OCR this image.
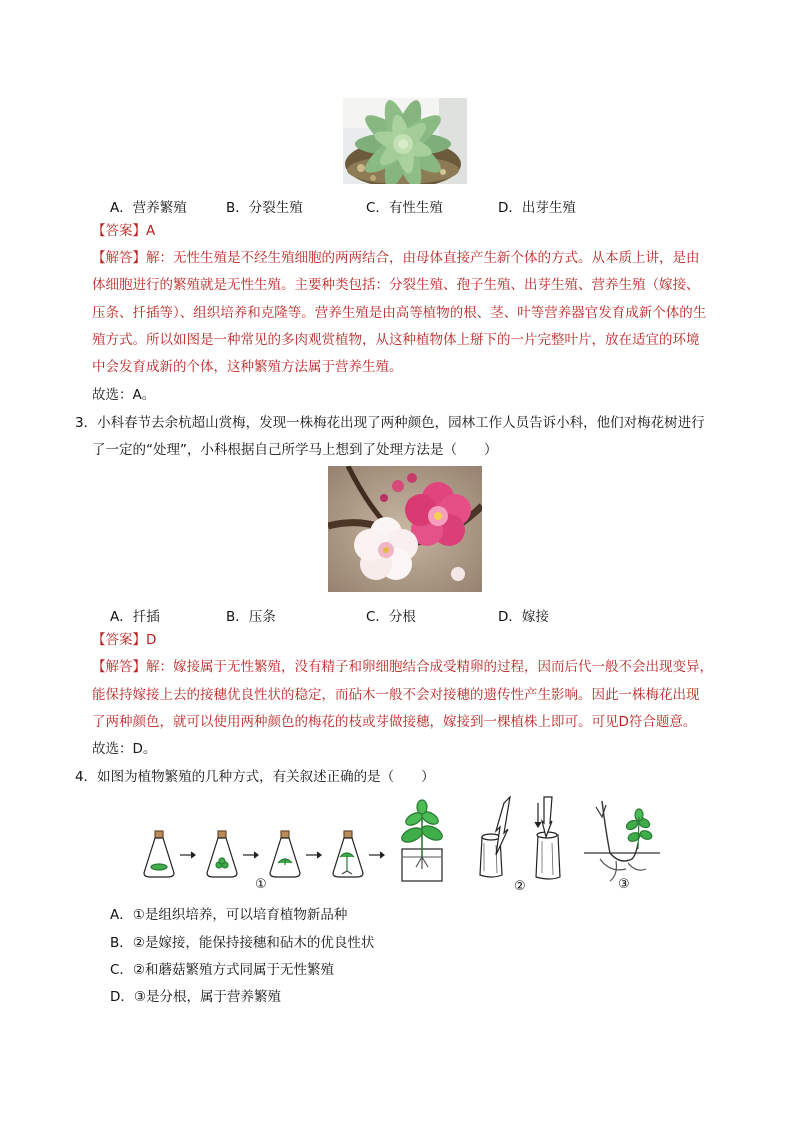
A．营养繁殖	B．分裂生殖	C．有性生殖	D．出芽生殖
【答案】A
【解答】解：无性生殖是不经生殖细胞的两两结合，由母体直接产生新个体的方式。从本质上讲，是由
体细胞进行的繁殖就是无性生殖。主要种类包括：分裂生殖、孢子生殖、出芽生殖、营养生殖（嫁接、
压条、扦插等）、组织培养和克隆等。营养生殖是由高等植物的根、茎、叶等营养器官发育成新个体的生
殖方式。所以如图是一种常见的多肉观赏植物，从这种植物体上掰下的一片完整叶片，放在适宜的环境
中会发育成新的个体，这种繁殖方法属于营养生殖。
故选：A。
3．小科春节去余杭超山赏梅，发现一株梅花出现了两种颜色，园林工作人员告诉小科，他们对梅花树进行
了一定的“处理”，小科根据自己所学马上想到了处理方法是（　　）
A．扦插	B．压条	C．分根	D．嫁接
【答案】D
【解答】解：嫁接属于无性繁殖，没有精子和卵细胞结合成受精卵的过程，因而后代一般不会出现变异，
能保持嫁接上去的接穗优良性状的稳定，而砧木一般不会对接穗的遗传性产生影响。因此一株梅花出现
了两种颜色，就可以使用两种颜色的梅花的枝或芽做接穗，嫁接到一棵植株上即可。可见D符合题意。
故选：D。
4．如图为植物繁殖的几种方式，有关叙述正确的是（　　）
①	②	③
A．①是组织培养，可以培育植物新品种
B．②是嫁接，能保持接穗和砧木的优良性状
C．②和蘑菇繁殖方式同属于无性繁殖
D．③是分根，属于营养繁殖
